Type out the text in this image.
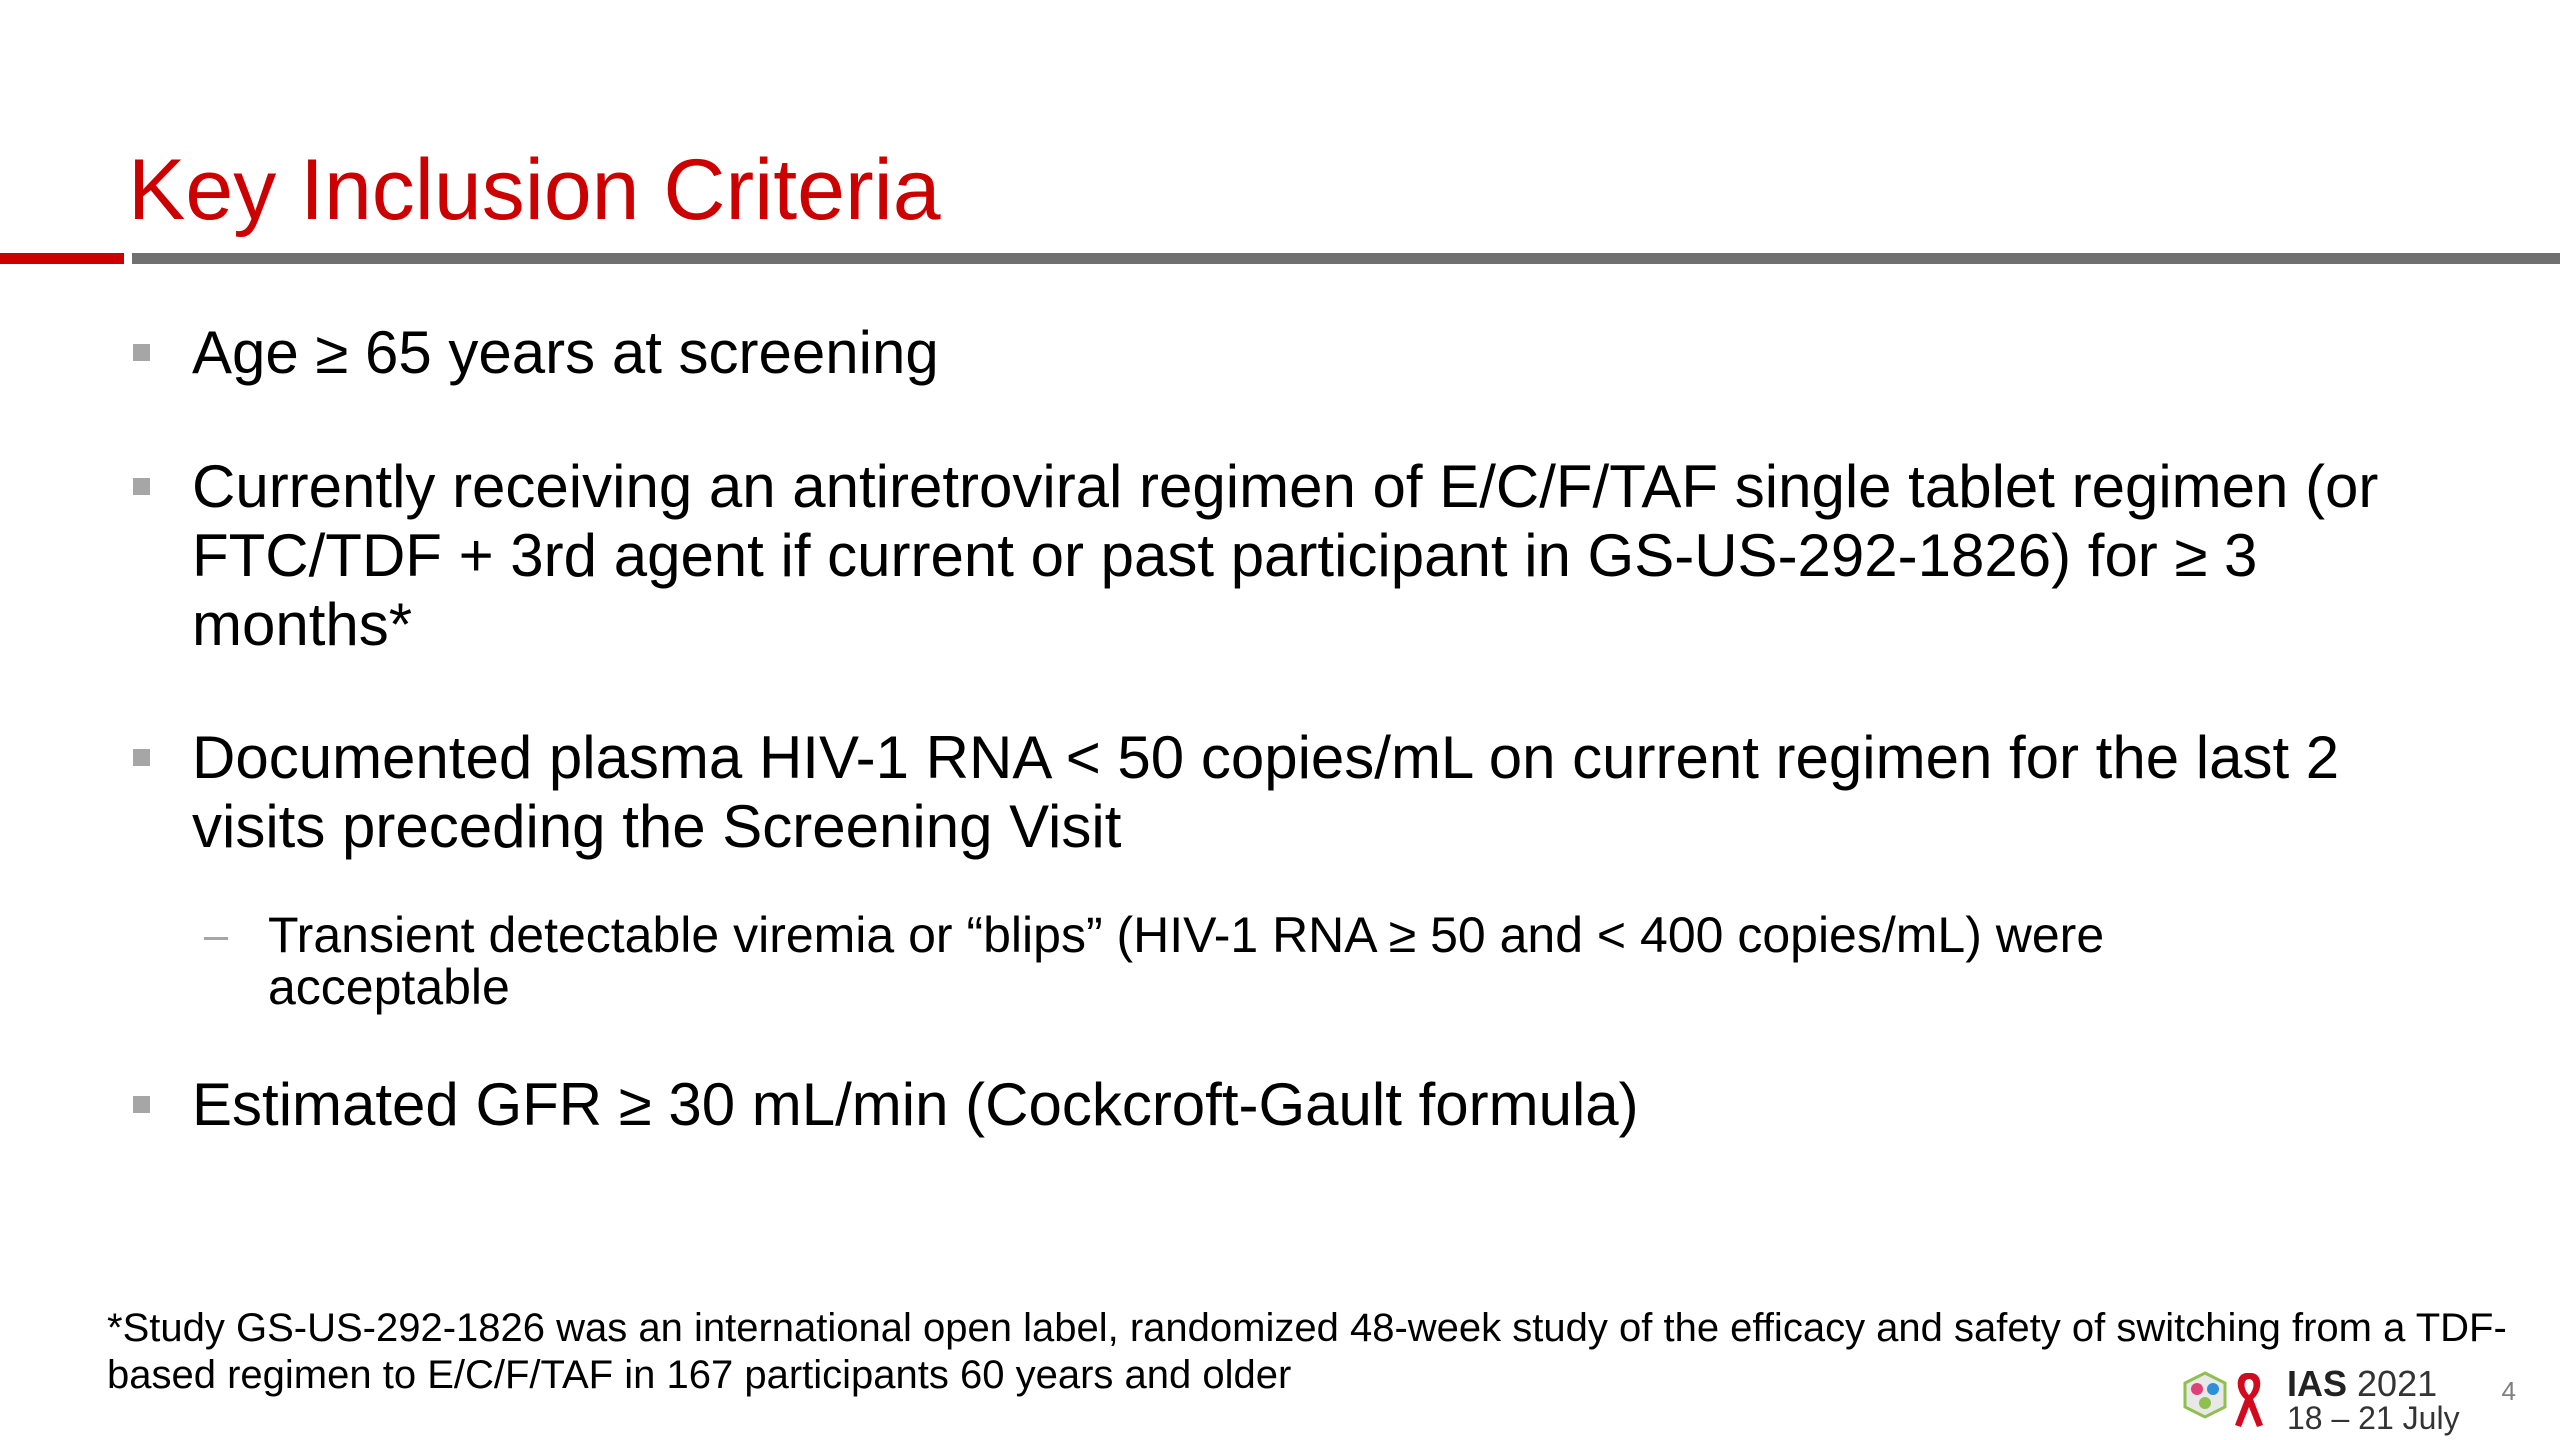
Key Inclusion Criteria
Age ≥ 65 years at screening
Currently receiving an antiretroviral regimen of E/C/F/TAF single tablet regimen (or FTC/TDF + 3rd agent if current or past participant in GS-US-292-1826) for ≥ 3 months*
Documented plasma HIV-1 RNA < 50 copies/mL on current regimen for the last 2 visits preceding the Screening Visit
Transient detectable viremia or “blips” (HIV-1 RNA ≥ 50 and < 400 copies/mL) were acceptable
Estimated GFR ≥ 30 mL/min (Cockcroft-Gault formula)
*Study GS-US-292-1826 was an international open label, randomized 48-week study of the efficacy and safety of switching from a TDF-based regimen to E/C/F/TAF in 167 participants 60 years and older	IAS 2021
18 – 21 July
4
